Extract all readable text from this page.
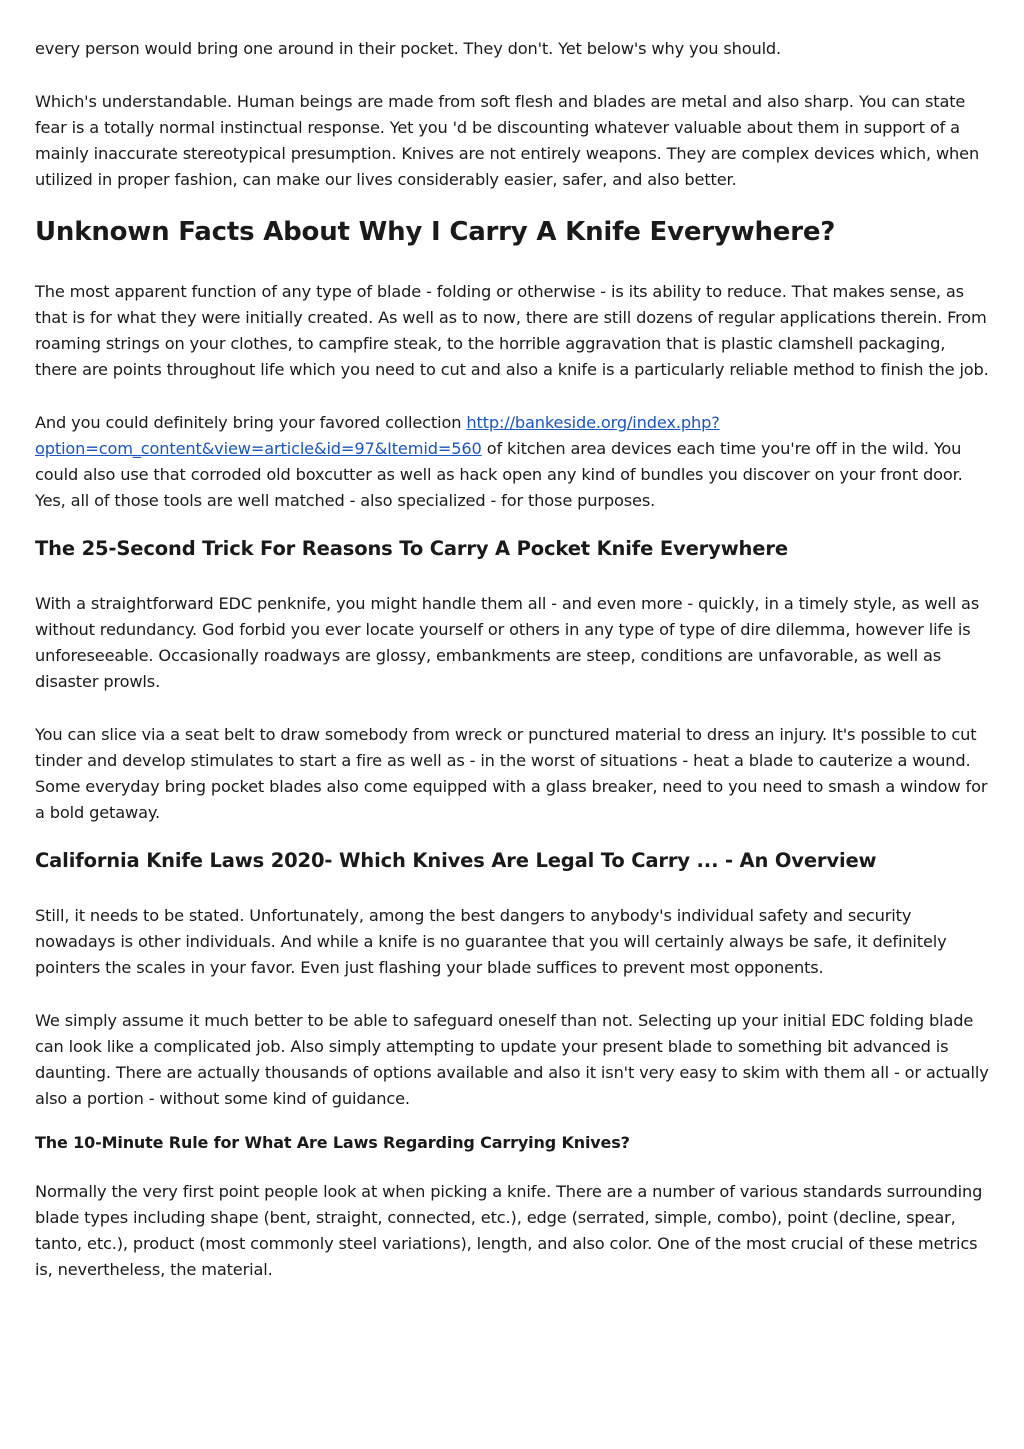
every person would bring one around in their pocket. They don't. Yet below's why you should.

Which's understandable. Human beings are made from soft flesh and blades are metal and also sharp. You can state fear is a totally normal instinctual response. Yet you 'd be discounting whatever valuable about them in support of a mainly inaccurate stereotypical presumption. Knives are not entirely weapons. They are complex devices which, when utilized in proper fashion, can make our lives considerably easier, safer, and also better.

Unknown Facts About Why I Carry A Knife Everywhere?

The most apparent function of any type of blade - folding or otherwise - is its ability to reduce. That makes sense, as that is for what they were initially created. As well as to now, there are still dozens of regular applications therein. From roaming strings on your clothes, to campfire steak, to the horrible aggravation that is plastic clamshell packaging, there are points throughout life which you need to cut and also a knife is a particularly reliable method to finish the job.

And you could definitely bring your favored collection http://bankeside.org/index.php?option=com_content&view=article&id=97&Itemid=560 of kitchen area devices each time you're off in the wild. You could also use that corroded old boxcutter as well as hack open any kind of bundles you discover on your front door. Yes, all of those tools are well matched - also specialized - for those purposes.

The 25-Second Trick For Reasons To Carry A Pocket Knife Everywhere

With a straightforward EDC penknife, you might handle them all - and even more - quickly, in a timely style, as well as without redundancy. God forbid you ever locate yourself or others in any type of type of dire dilemma, however life is unforeseeable. Occasionally roadways are glossy, embankments are steep, conditions are unfavorable, as well as disaster prowls.

You can slice via a seat belt to draw somebody from wreck or punctured material to dress an injury. It's possible to cut tinder and develop stimulates to start a fire as well as - in the worst of situations - heat a blade to cauterize a wound. Some everyday bring pocket blades also come equipped with a glass breaker, need to you need to smash a window for a bold getaway.

California Knife Laws 2020- Which Knives Are Legal To Carry ... - An Overview

Still, it needs to be stated. Unfortunately, among the best dangers to anybody's individual safety and security nowadays is other individuals. And while a knife is no guarantee that you will certainly always be safe, it definitely pointers the scales in your favor. Even just flashing your blade suffices to prevent most opponents.

We simply assume it much better to be able to safeguard oneself than not. Selecting up your initial EDC folding blade can look like a complicated job. Also simply attempting to update your present blade to something bit advanced is daunting. There are actually thousands of options available and also it isn't very easy to skim with them all - or actually also a portion - without some kind of guidance.

The 10-Minute Rule for What Are Laws Regarding Carrying Knives?

Normally the very first point people look at when picking a knife. There are a number of various standards surrounding blade types including shape (bent, straight, connected, etc.), edge (serrated, simple, combo), point (decline, spear, tanto, etc.), product (most commonly steel variations), length, and also color. One of the most crucial of these metrics is, nevertheless, the material.
